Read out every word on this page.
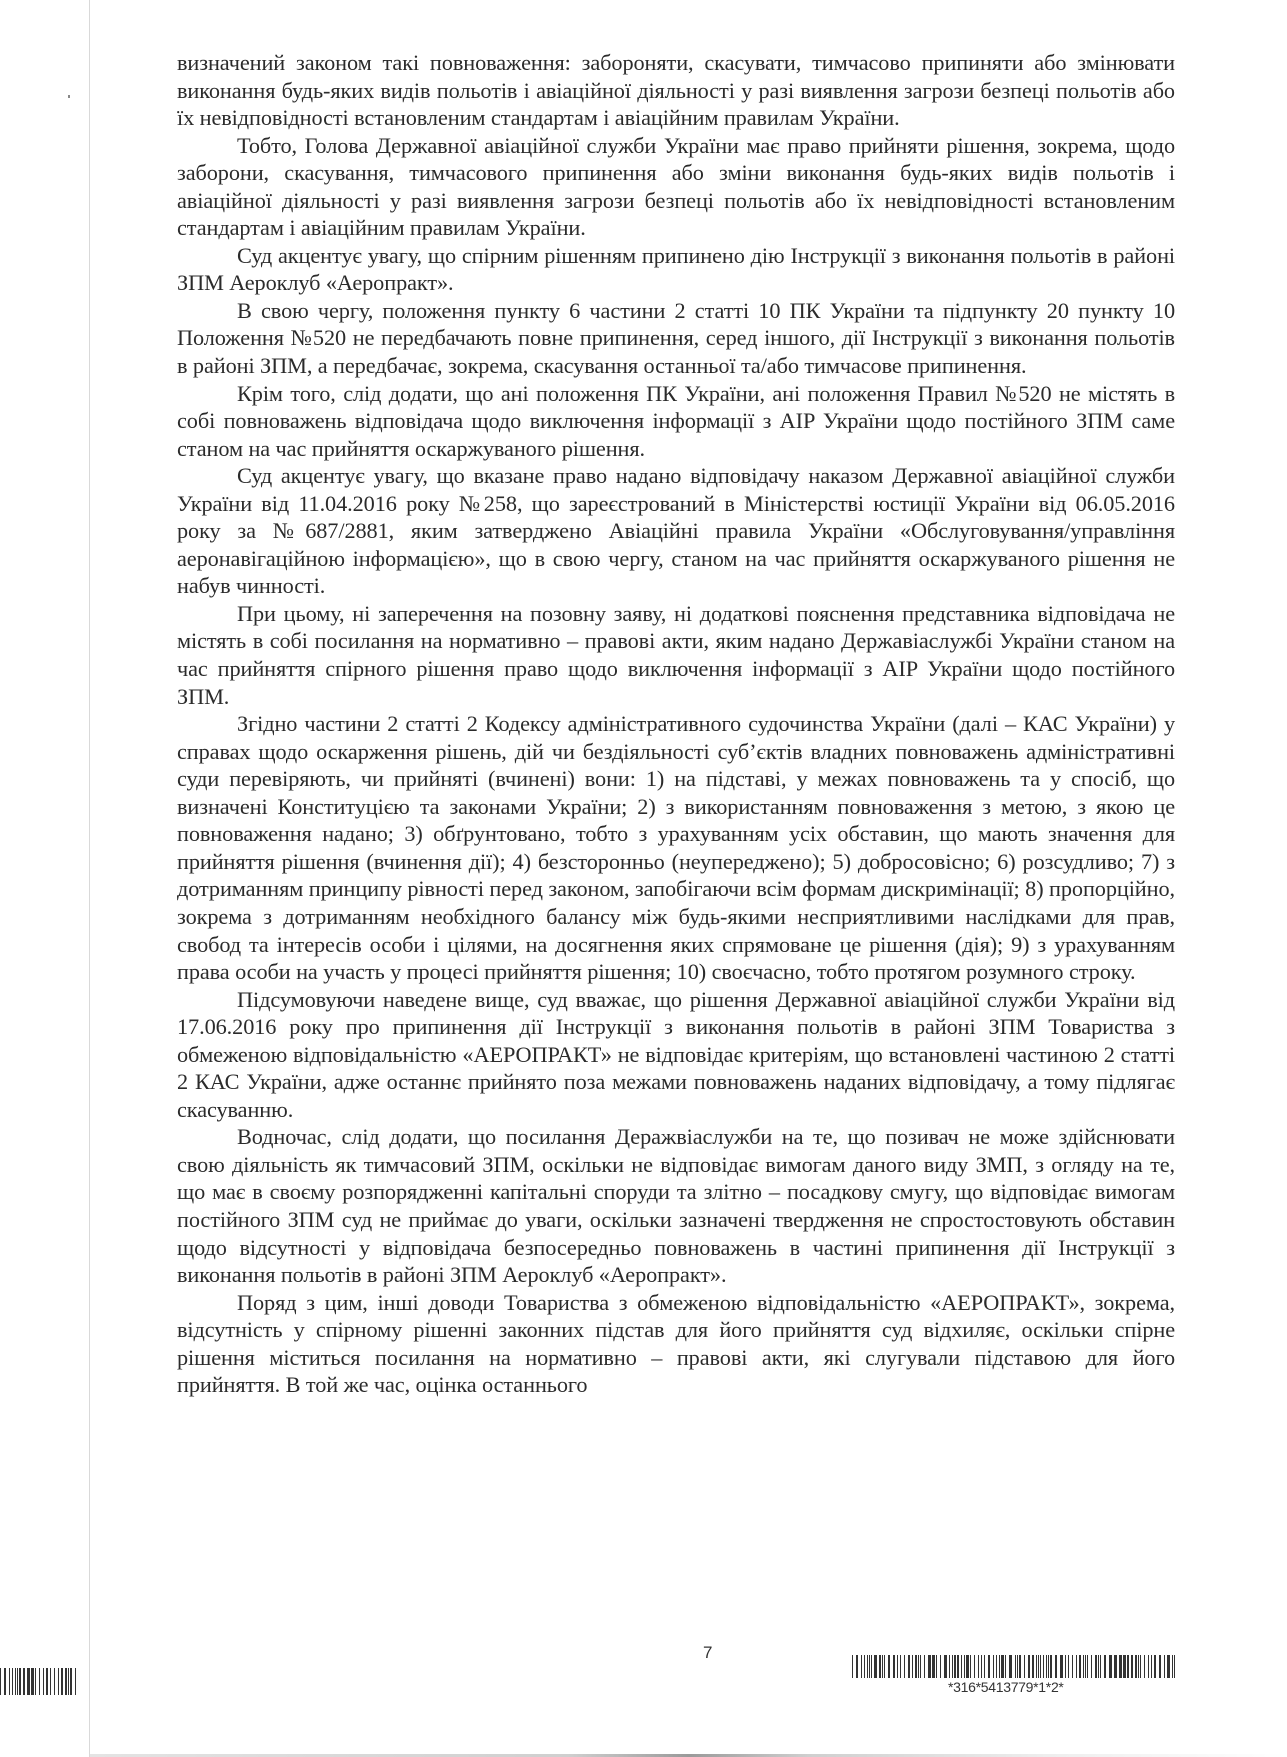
визначений законом такі повноваження: забороняти, скасувати, тимчасово припиняти або змінювати виконання будь-яких видів польотів і авіаційної діяльності у разі виявлення загрози безпеці польотів або їх невідповідності встановленим стандартам і авіаційним правилам України.

Тобто, Голова Державної авіаційної служби України має право прийняти рішення, зокрема, щодо заборони, скасування, тимчасового припинення або зміни виконання будь-яких видів польотів і авіаційної діяльності у разі виявлення загрози безпеці польотів або їх невідповідності встановленим стандартам і авіаційним правилам України.

Суд акцентує увагу, що спірним рішенням припинено дію Інструкції з виконання польотів в районі ЗПМ Аероклуб «Аеропракт».

В свою чергу, положення пункту 6 частини 2 статті 10 ПК України та підпункту 20 пункту 10 Положення №520 не передбачають повне припинення, серед іншого, дії Інструкції з виконання польотів в районі ЗПМ, а передбачає, зокрема, скасування останньої та/або тимчасове припинення.

Крім того, слід додати, що ані положення ПК України, ані положення Правил №520 не містять в собі повноважень відповідача щодо виключення інформації з AIP України щодо постійного ЗПМ саме станом на час прийняття оскаржуваного рішення.

Суд акцентує увагу, що вказане право надано відповідачу наказом Державної авіаційної служби України від 11.04.2016 року №258, що зареєстрований в Міністерстві юстиції України від 06.05.2016 року за №687/2881, яким затверджено Авіаційні правила України «Обслуговування/управління аеронавігаційною інформацією», що в свою чергу, станом на час прийняття оскаржуваного рішення не набув чинності.

При цьому, ні заперечення на позовну заяву, ні додаткові пояснення представника відповідача не містять в собі посилання на нормативно – правові акти, яким надано Державіаслужбі України станом на час прийняття спірного рішення право щодо виключення інформації з AIP України щодо постійного ЗПМ.

Згідно частини 2 статті 2 Кодексу адміністративного судочинства України (далі – КАС України) у справах щодо оскарження рішень, дій чи бездіяльності суб’єктів владних повноважень адміністративні суди перевіряють, чи прийняті (вчинені) вони: 1) на підставі, у межах повноважень та у спосіб, що визначені Конституцією та законами України; 2) з використанням повноваження з метою, з якою це повноваження надано; 3) обґрунтовано, тобто з урахуванням усіх обставин, що мають значення для прийняття рішення (вчинення дії); 4) безсторонньо (неупереджено); 5) добросовісно; 6) розсудливо; 7) з дотриманням принципу рівності перед законом, запобігаючи всім формам дискримінації; 8) пропорційно, зокрема з дотриманням необхідного балансу між будь-якими несприятливими наслідками для прав, свобод та інтересів особи і цілями, на досягнення яких спрямоване це рішення (дія); 9) з урахуванням права особи на участь у процесі прийняття рішення; 10) своєчасно, тобто протягом розумного строку.

Підсумовуючи наведене вище, суд вважає, що рішення Державної авіаційної служби України від 17.06.2016 року про припинення дії Інструкції з виконання польотів в районі ЗПМ Товариства з обмеженою відповідальністю «АЕРОПРАКТ» не відповідає критеріям, що встановлені частиною 2 статті 2 КАС України, адже останнє прийнято поза межами повноважень наданих відповідачу, а тому підлягає скасуванню.

Водночас, слід додати, що посилання Деражвіаслужби на те, що позивач не може здійснювати свою діяльність як тимчасовий ЗПМ, оскільки не відповідає вимогам даного виду ЗМП, з огляду на те, що має в своєму розпорядженні капітальні споруди та злітно – посадкову смугу, що відповідає вимогам постійного ЗПМ суд не приймає до уваги, оскільки зазначені твердження не спростостовують обставин щодо відсутності у відповідача безпосередньо повноважень в частині припинення дії Інструкції з виконання польотів в районі ЗПМ Аероклуб «Аеропракт».

Поряд з цим, інші доводи Товариства з обмеженою відповідальністю «АЕРОПРАКТ», зокрема, відсутність у спірному рішенні законних підстав для його прийняття суд відхиляє, оскільки спірне рішення міститься посилання на нормативно – правові акти, які слугували підставою для його прийняття. В той же час, оцінка останнього

7
*316*5413779*1*2*
